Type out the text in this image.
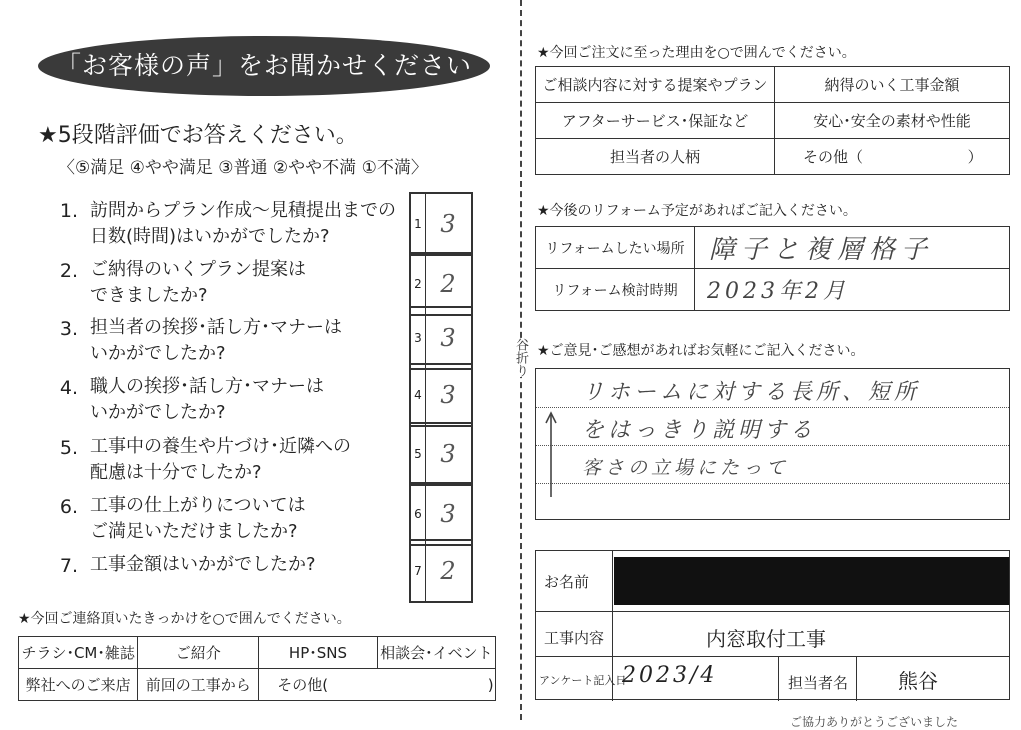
谷折り
「お客様の声」をお聞かせください
★5段階評価でお答えください。
〈⑤満足 ④やや満足 ③普通 ②やや不満 ①不満〉
1. 訪問からプラン作成～見積提出までの
日数(時間)はいかがでしたか?
1 3
2. ご納得のいくプラン提案は
できましたか?
2 2
3. 担当者の挨拶･話し方･マナーは
いかがでしたか?
3 3
4. 職人の挨拶･話し方･マナーは
いかがでしたか?
4 3
5. 工事中の養生や片づけ･近隣への
配慮は十分でしたか?
5 3
6. 工事の仕上がりについては
ご満足いただけましたか?
6 3
7. 工事金額はいかがでしたか?	7 2
★今回ご連絡頂いたきっかけを○で囲んでください。
チラシ･CM･雑誌	ご紹介	HP･SNS	相談会･イベント
弊社へのご来店	前回の工事から	その他( )	
★今回ご注文に至った理由を○で囲んでください。
ご相談内容に対する提案やプラン	納得のいく工事金額
アフターサービス･保証など	安心･安全の素材や性能
担当者の人柄	その他（ ）
★今後のリフォーム予定があればご記入ください。
リフォームしたい場所	障子と複層格子
リフォーム検討時期	2023年2月
★ご意見･ご感想があればお気軽にご記入ください。
リホームに対する長所、短所
をはっきり説明する
客さの立場にたって
お名前
工事内容	内窓取付工事
アンケート記入日
2023/4	担当者名 熊谷
ご協力ありがとうございました
